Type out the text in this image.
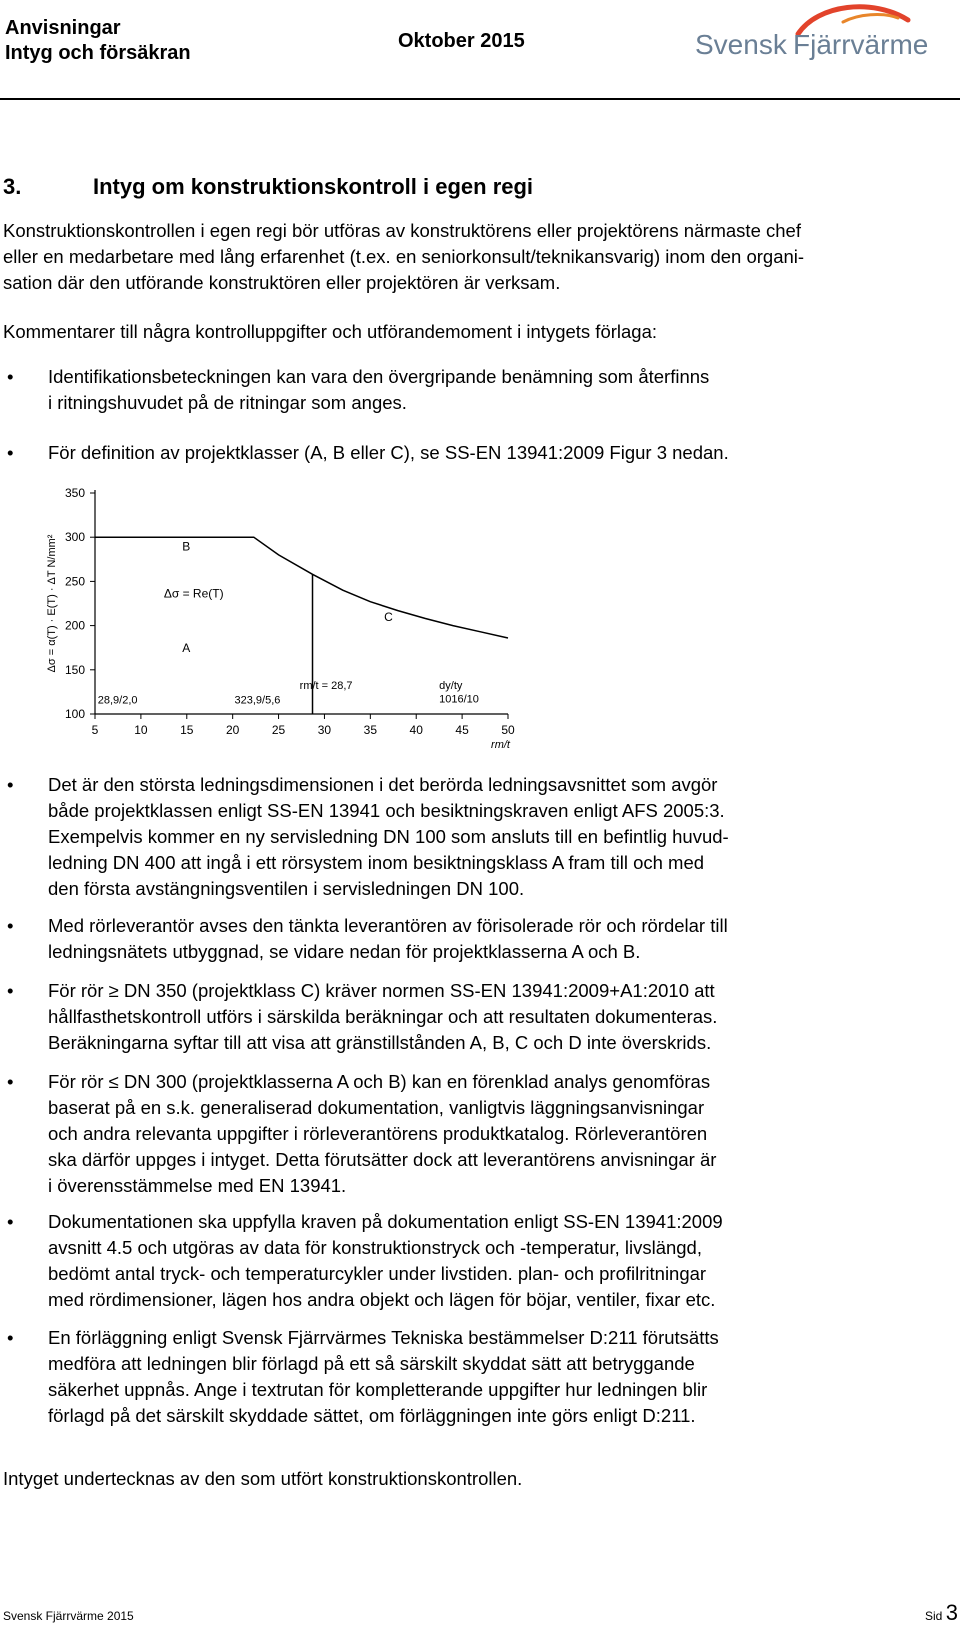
Anvisningar
Intyg och försäkran
Oktober 2015	Svensk Fjärrvärme
3.	Intyg om konstruktionskontroll i egen regi
Konstruktionskontrollen i egen regi bör utföras av konstruktörens eller projektörens närmaste chef
eller en medarbetare med lång erfarenhet (t.ex. en seniorkonsult/teknikansvarig) inom den organi-
sation där den utförande konstruktören eller projektören är verksam.
Kommentarer till några kontrolluppgifter och utförandemoment i intygets förlaga:
5	10	15	20	25	30	35	40	45	50
100
150
200
250
300
350
B
A
C
Δσ = Re(T)
28,9/2,0	323,9/5,6
rm/t = 28,7	dy/ty
1016/10
rm/t
Δσ = α(T) · E(T) · ΔT N/mm²
Intyget undertecknas av den som utfört konstruktionskontrollen.
• Identifikationsbeteckningen kan vara den övergripande benämning som återfinns
i ritningshuvudet på de ritningar som anges.
• För definition av projektklasser (A, B eller C), se SS-EN 13941:2009 Figur 3 nedan.
• Det är den största ledningsdimensionen i det berörda ledningsavsnittet som avgör
både projektklassen enligt SS-EN 13941 och besiktningskraven enligt AFS 2005:3.
Exempelvis kommer en ny servisledning DN 100 som ansluts till en befintlig huvud-
ledning DN 400 att ingå i ett rörsystem inom besiktningsklass A fram till och med
den första avstängningsventilen i servisledningen DN 100.
• Med rörleverantör avses den tänkta leverantören av förisolerade rör och rördelar till
ledningsnätets utbyggnad, se vidare nedan för projektklasserna A och B.
• För rör ≥ DN 350 (projektklass C) kräver normen SS-EN 13941:2009+A1:2010 att
hållfasthetskontroll utförs i särskilda beräkningar och att resultaten dokumenteras.
Beräkningarna syftar till att visa att gränstillstånden A, B, C och D inte överskrids.
• För rör ≤ DN 300 (projektklasserna A och B) kan en förenklad analys genomföras
baserat på en s.k. generaliserad dokumentation, vanligtvis läggningsanvisningar
och andra relevanta uppgifter i rörleverantörens produktkatalog. Rörleverantören
ska därför uppges i intyget. Detta förutsätter dock att leverantörens anvisningar är
i överensstämmelse med EN 13941.
• Dokumentationen ska uppfylla kraven på dokumentation enligt SS-EN 13941:2009
avsnitt 4.5 och utgöras av data för konstruktionstryck och -temperatur, livslängd,
bedömt antal tryck- och temperaturcykler under livstiden. plan- och profilritningar
med rördimensioner, lägen hos andra objekt och lägen för böjar, ventiler, fixar etc.
• En förläggning enligt Svensk Fjärrvärmes Tekniska bestämmelser D:211 förutsätts
medföra att ledningen blir förlagd på ett så särskilt skyddat sätt att betryggande
säkerhet uppnås. Ange i textrutan för kompletterande uppgifter hur ledningen blir
förlagd på det särskilt skyddade sättet, om förläggningen inte görs enligt D:211.
Svensk Fjärrvärme 2015	Sid 3
